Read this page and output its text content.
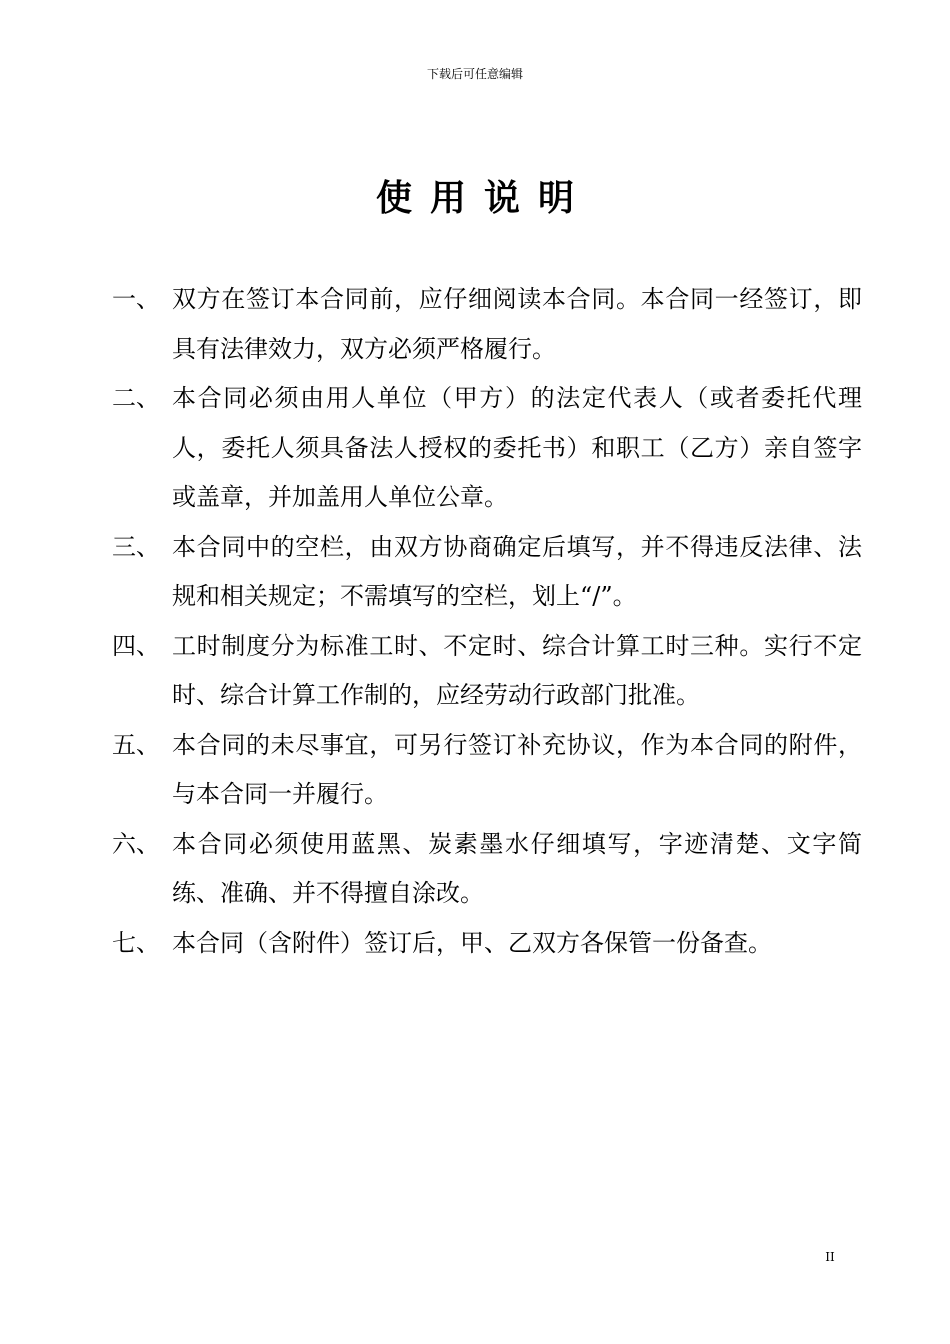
下载后可任意编辑
使用说明
一、 双方在签订本合同前，应仔细阅读本合同。本合同一经签订，即具有法律效力，双方必须严格履行。
二、 本合同必须由用人单位（甲方）的法定代表人（或者委托代理人，委托人须具备法人授权的委托书）和职工（乙方）亲自签字或盖章，并加盖用人单位公章。
三、 本合同中的空栏，由双方协商确定后填写，并不得违反法律、法规和相关规定；不需填写的空栏，划上“/”。
四、 工时制度分为标准工时、不定时、综合计算工时三种。实行不定时、综合计算工作制的，应经劳动行政部门批准。
五、 本合同的未尽事宜，可另行签订补充协议，作为本合同的附件，与本合同一并履行。
六、 本合同必须使用蓝黑、炭素墨水仔细填写，字迹清楚、文字简练、准确、并不得擅自涂改。
七、 本合同（含附件）签订后，甲、乙双方各保管一份备查。
II
